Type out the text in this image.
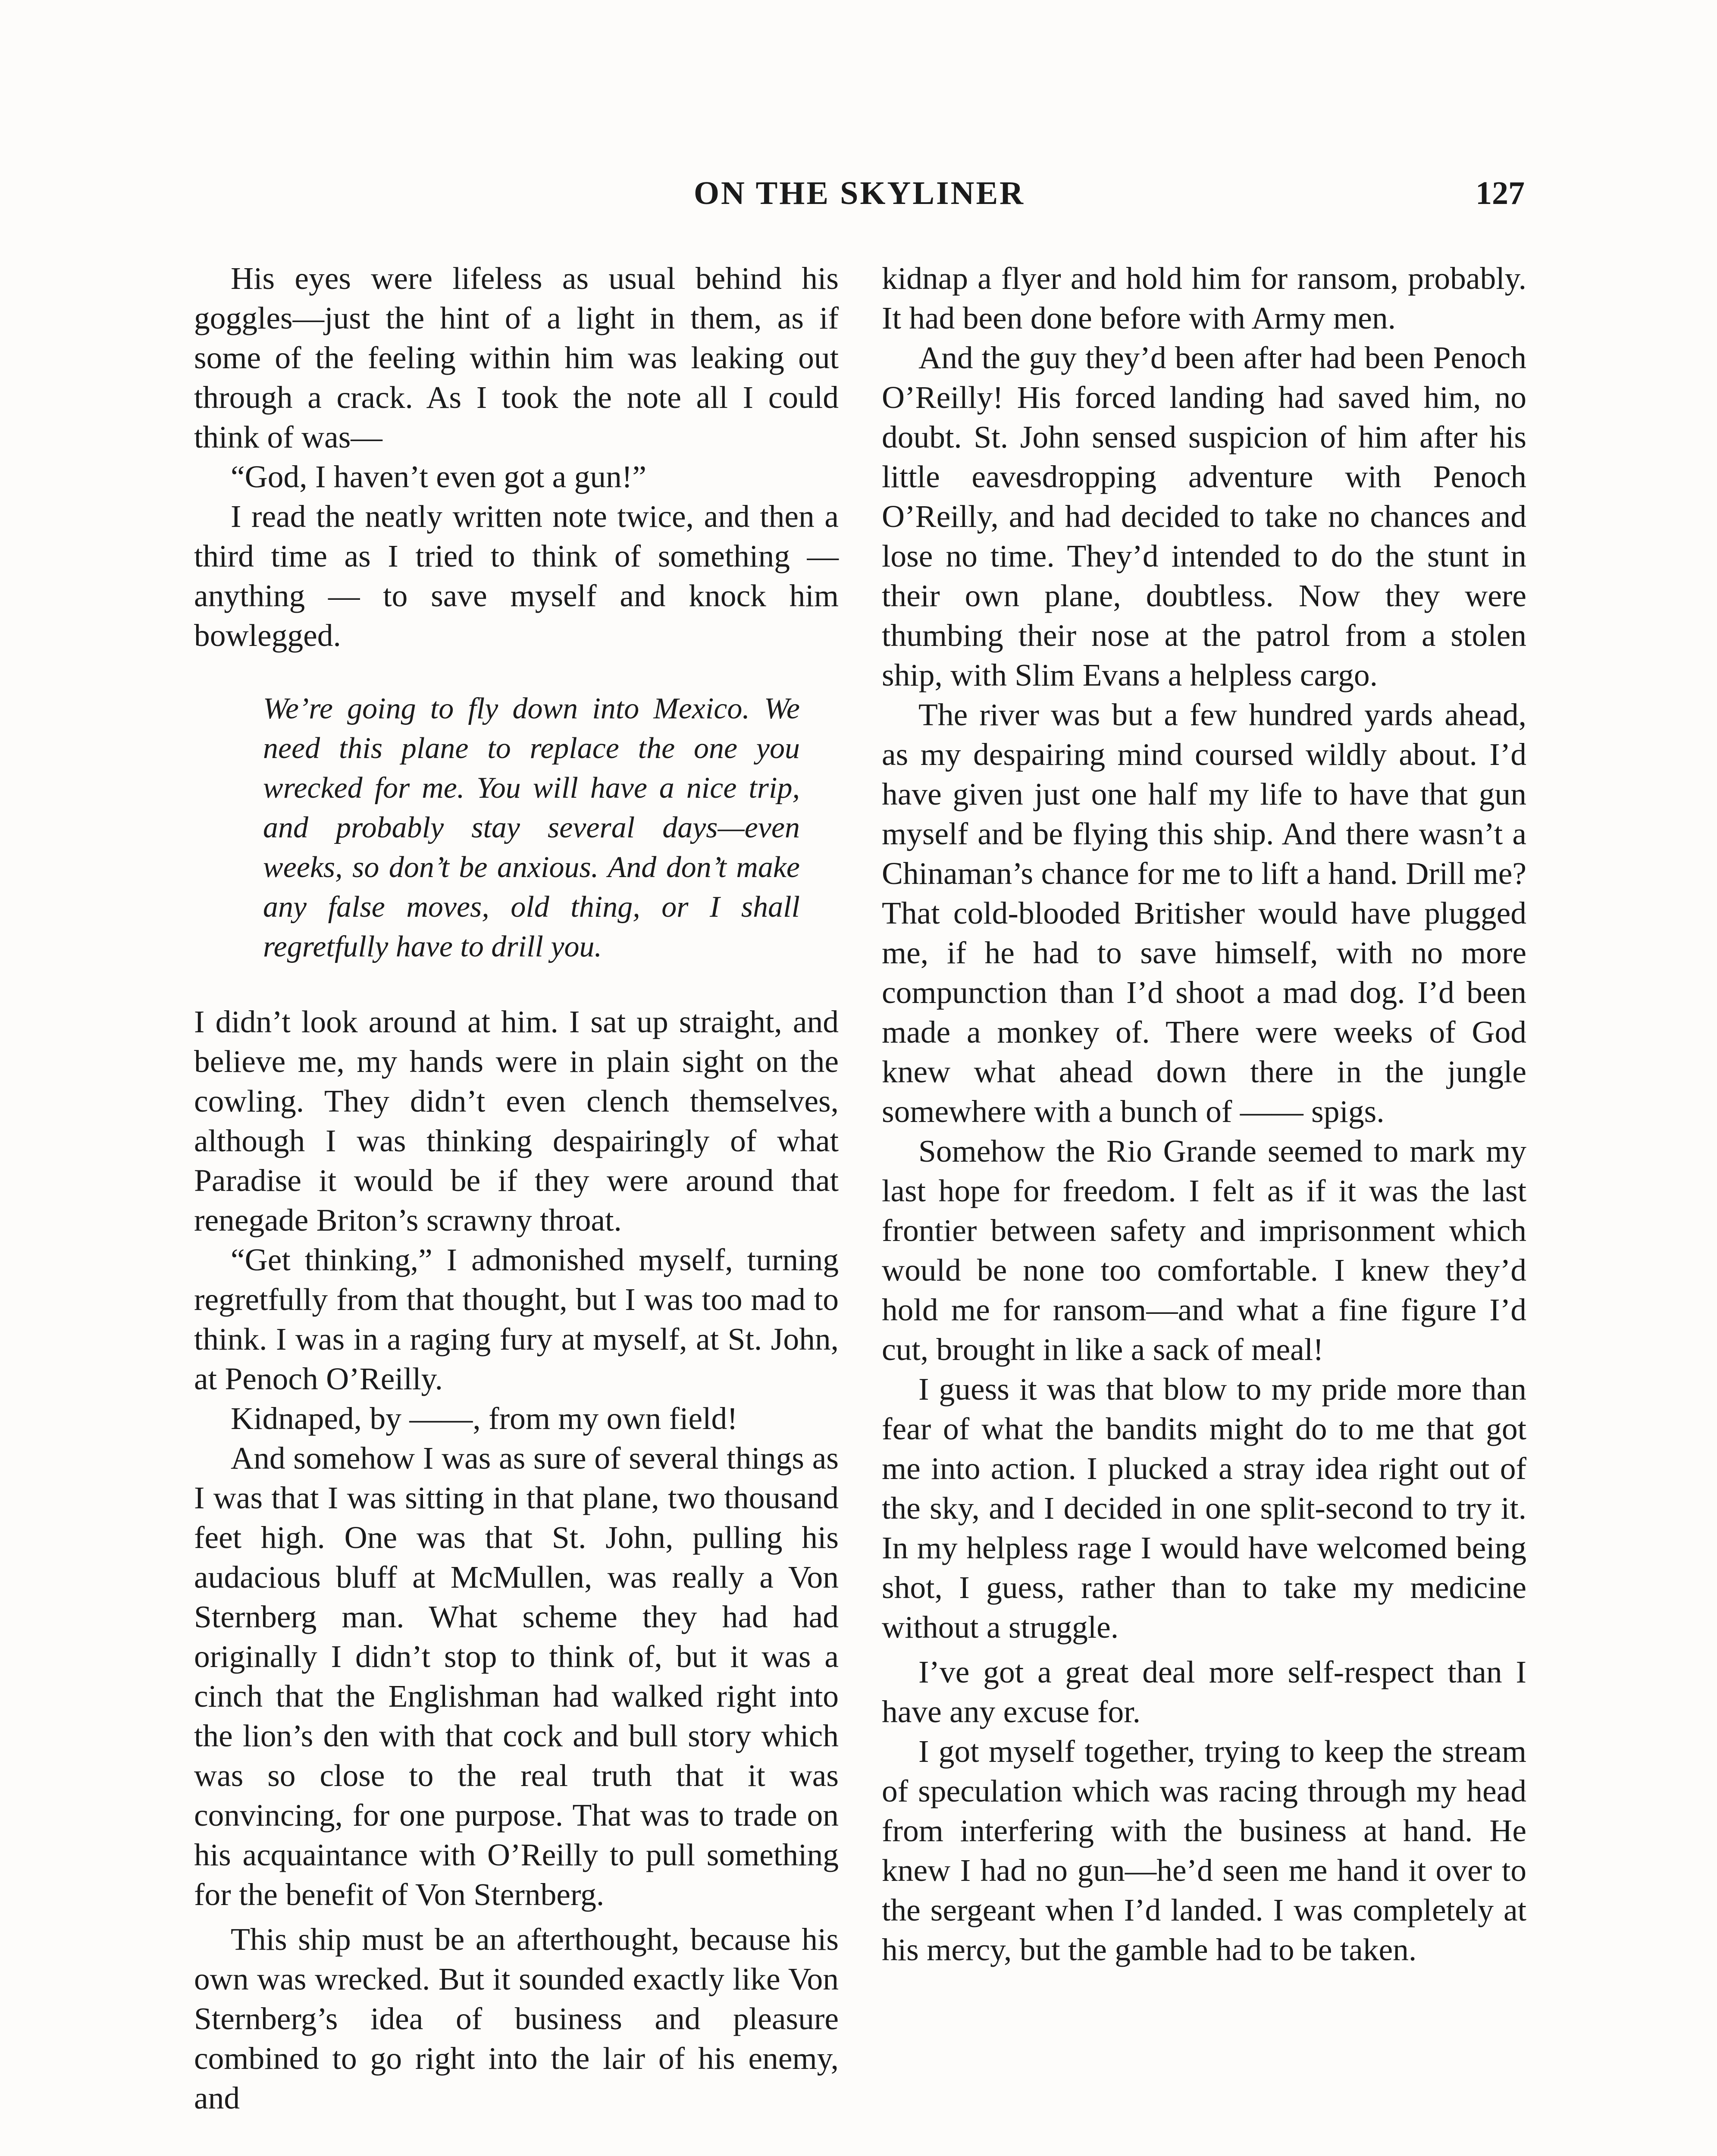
ON THE SKYLINER	127

His eyes were lifeless as usual behind his goggles—just the hint of a light in them, as if some of the feeling within him was leaking out through a crack. As I took the note all I could think of was—

“God, I haven’t even got a gun!”

I read the neatly written note twice, and then a third time as I tried to think of something — anything — to save myself and knock him bowlegged.

We’re going to fly down into Mexico. We need this plane to replace the one you wrecked for me. You will have a nice trip, and probably stay several days—even weeks, so don’t be anxious. And don’t make any false moves, old thing, or I shall regretfully have to drill you.

I didn’t look around at him. I sat up straight, and believe me, my hands were in plain sight on the cowling. They didn’t even clench themselves, although I was thinking despairingly of what Paradise it would be if they were around that renegade Briton’s scrawny throat.

“Get thinking,” I admonished myself, turning regretfully from that thought, but I was too mad to think. I was in a raging fury at myself, at St. John, at Penoch O’Reilly.

Kidnaped, by ——, from my own field!

And somehow I was as sure of several things as I was that I was sitting in that plane, two thousand feet high. One was that St. John, pulling his audacious bluff at McMullen, was really a Von Sternberg man. What scheme they had had originally I didn’t stop to think of, but it was a cinch that the Englishman had walked right into the lion’s den with that cock and bull story which was so close to the real truth that it was convincing, for one purpose. That was to trade on his acquaintance with O’Reilly to pull something for the benefit of Von Sternberg.

This ship must be an afterthought, because his own was wrecked. But it sounded exactly like Von Sternberg’s idea of business and pleasure combined to go right into the lair of his enemy, and

kidnap a flyer and hold him for ransom, probably. It had been done before with Army men.

And the guy they’d been after had been Penoch O’Reilly! His forced landing had saved him, no doubt. St. John sensed suspicion of him after his little eavesdropping adventure with Penoch O’Reilly, and had decided to take no chances and lose no time. They’d intended to do the stunt in their own plane, doubtless. Now they were thumbing their nose at the patrol from a stolen ship, with Slim Evans a helpless cargo.

The river was but a few hundred yards ahead, as my despairing mind coursed wildly about. I’d have given just one half my life to have that gun myself and be flying this ship. And there wasn’t a Chinaman’s chance for me to lift a hand. Drill me? That cold-blooded Britisher would have plugged me, if he had to save himself, with no more compunction than I’d shoot a mad dog. I’d been made a monkey of. There were weeks of God knew what ahead down there in the jungle somewhere with a bunch of —— spigs.

Somehow the Rio Grande seemed to mark my last hope for freedom. I felt as if it was the last frontier between safety and imprisonment which would be none too comfortable. I knew they’d hold me for ransom—and what a fine figure I’d cut, brought in like a sack of meal!

I guess it was that blow to my pride more than fear of what the bandits might do to me that got me into action. I plucked a stray idea right out of the sky, and I decided in one split-second to try it. In my helpless rage I would have welcomed being shot, I guess, rather than to take my medicine without a struggle.

I’ve got a great deal more self-respect than I have any excuse for.

I got myself together, trying to keep the stream of speculation which was racing through my head from interfering with the business at hand. He knew I had no gun—he’d seen me hand it over to the sergeant when I’d landed. I was completely at his mercy, but the gamble had to be taken.
